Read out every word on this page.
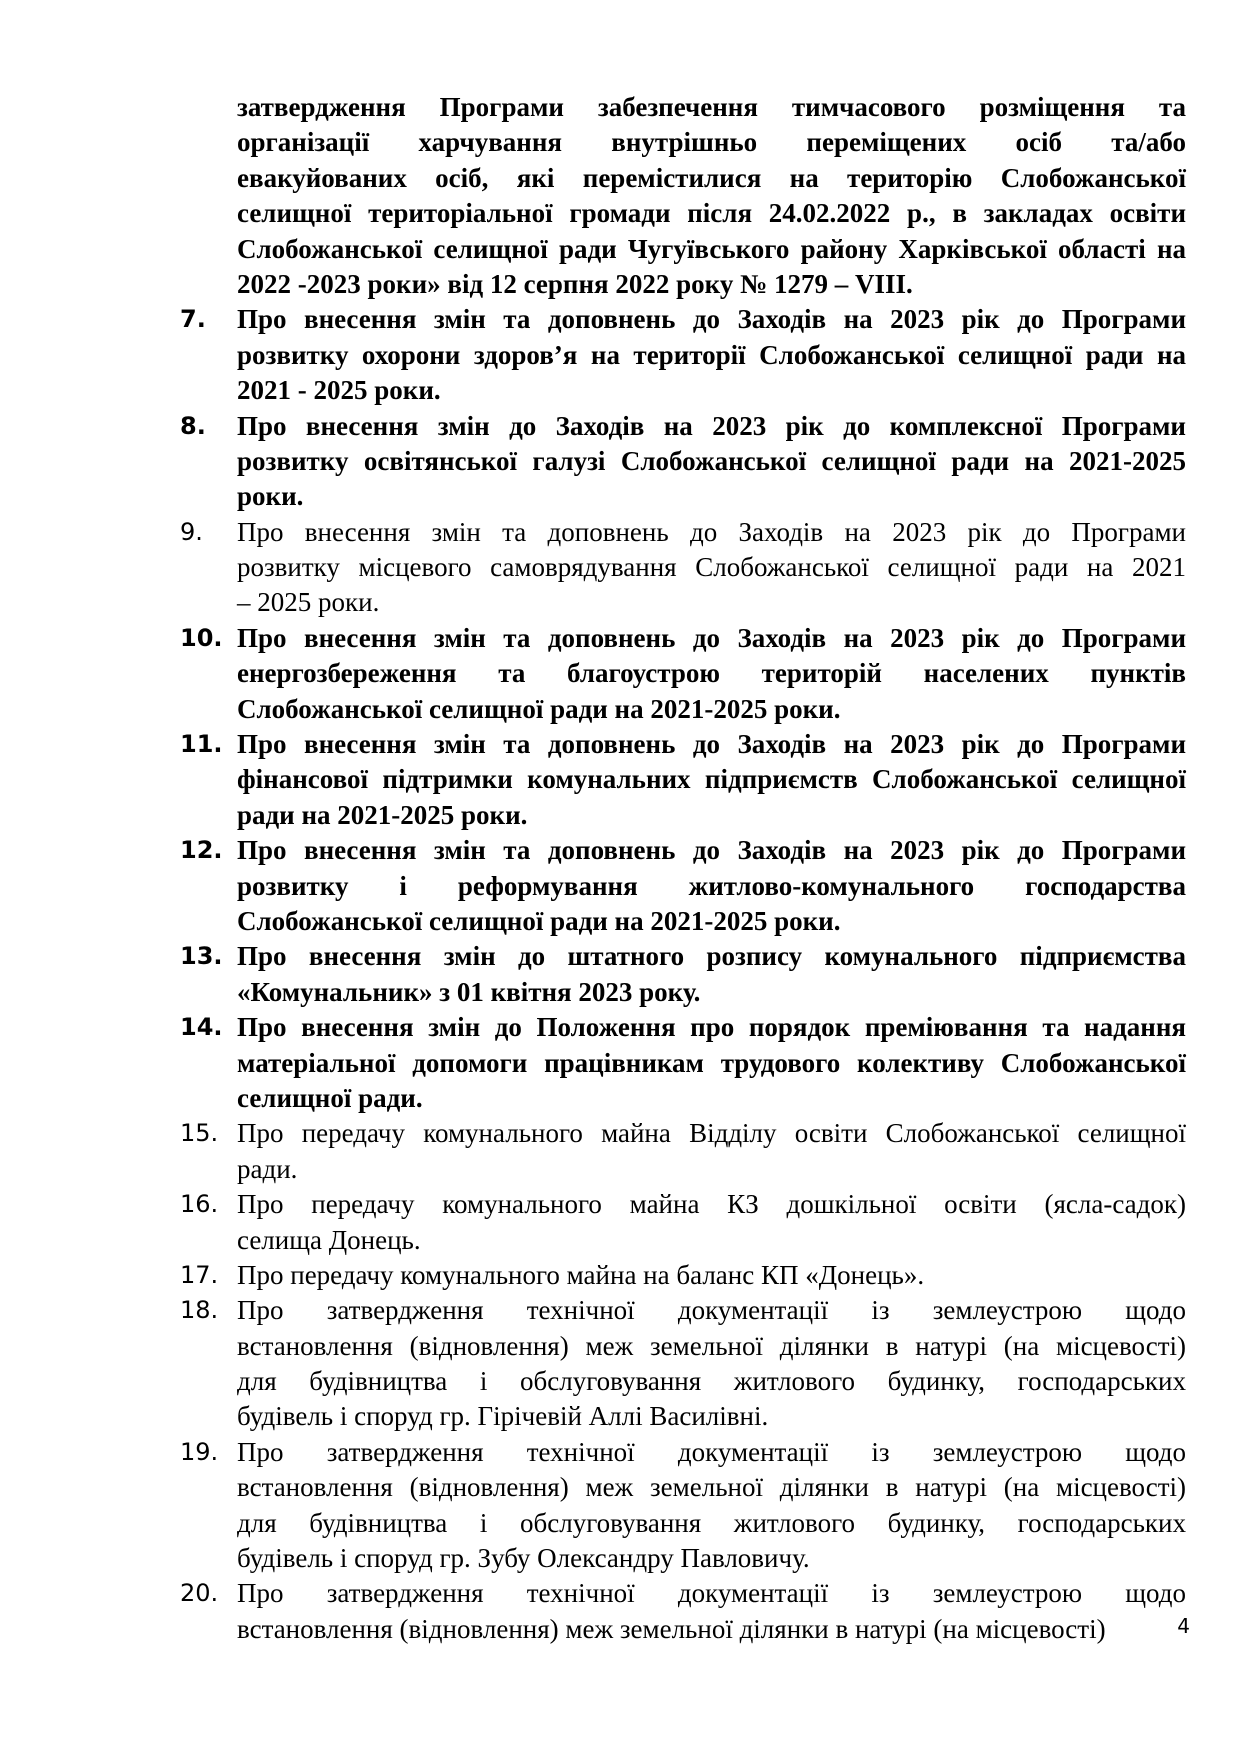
затвердження Програми забезпечення тимчасового розміщення та
організації харчування внутрішньо переміщених осіб та/або
евакуйованих осіб, які перемістилися на територію Слобожанської
селищної територіальної громади після 24.02.2022 р., в закладах освіти
Слобожанської селищної ради Чугуївського району Харківської області на
2022 -2023 роки» від 12 серпня 2022 року № 1279 – VIII.
7.	Про внесення змін та доповнень до Заходів на 2023 рік до Програми
розвитку охорони здоров’я на території Слобожанської селищної ради на
2021 - 2025 роки.
8.	Про внесення змін до Заходів на 2023 рік до комплексної Програми
розвитку освітянської галузі Слобожанської селищної ради на 2021-2025
роки.
9.	Про внесення змін та доповнень до Заходів на 2023 рік до Програми
розвитку місцевого самоврядування Слобожанської селищної ради на 2021
– 2025 роки.
10. Про внесення змін та доповнень до Заходів на 2023 рік до Програми
енергозбереження та благоустрою територій населених пунктів
Слобожанської селищної ради на 2021-2025 роки.
11. Про внесення змін та доповнень до Заходів на 2023 рік до Програми
фінансової підтримки комунальних підприємств Слобожанської селищної
ради на 2021-2025 роки.
12. Про внесення змін та доповнень до Заходів на 2023 рік до Програми
розвитку і реформування житлово-комунального господарства
Слобожанської селищної ради на 2021-2025 роки.
13. Про внесення змін до штатного розпису комунального підприємства
«Комунальник» з 01 квітня 2023 року.
14. Про внесення змін до Положення про порядок преміювання та надання
матеріальної допомоги працівникам трудового колективу Слобожанської
селищної ради.
15. Про передачу комунального майна Відділу освіти Слобожанської селищної
ради.
16. Про передачу комунального майна КЗ дошкільної освіти (ясла-садок)
селища Донець.
17. Про передачу комунального майна на баланс КП «Донець».
18. Про затвердження технічної документації із землеустрою щодо
встановлення (відновлення) меж земельної ділянки в натурі (на місцевості)
для будівництва і обслуговування житлового будинку, господарських
будівель і споруд гр. Гірічевій Аллі Василівні.
19. Про затвердження технічної документації із землеустрою щодо
встановлення (відновлення) меж земельної ділянки в натурі (на місцевості)
для будівництва і обслуговування житлового будинку, господарських
будівель і споруд гр. Зубу Олександру Павловичу.
20. Про затвердження технічної документації із землеустрою щодо
встановлення (відновлення) меж земельної ділянки в натурі (на місцевості)	4
